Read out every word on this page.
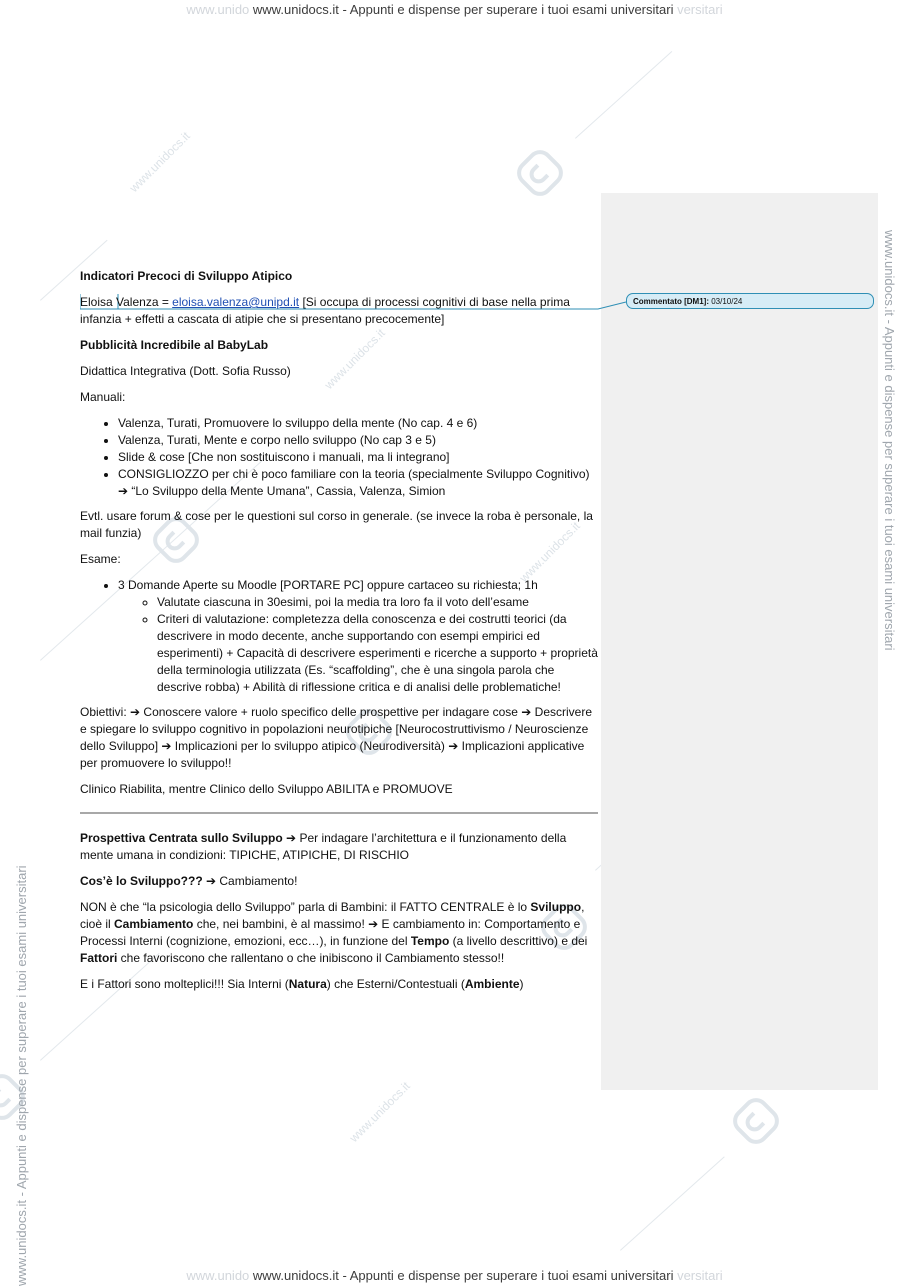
www.unidocs.it
www.unidocs.it
www.unidocs.it
www.unidocs.it
www.unido www.unidocs.it - Appunti e dispense per superare i tuoi esami universitari versitari
www.unido www.unidocs.it - Appunti e dispense per superare i tuoi esami universitari versitari
www.unidocs.it - Appunti e dispense per superare i tuoi esami universitari
www.unidocs.it - Appunti e dispense per superare i tuoi esami universitari
Commentato [DM1]: 03/10/24

Indicatori Precoci di Sviluppo Atipico

Eloisa Valenza = eloisa.valenza@unipd.it [Si occupa di processi cognitivi di base nella prima infanzia + effetti a cascata di atipie che si presentano precocemente]

Pubblicità Incredibile al BabyLab

Didattica Integrativa (Dott. Sofia Russo)

Manuali:

• Valenza, Turati, Promuovere lo sviluppo della mente (No cap. 4 e 6)
• Valenza, Turati, Mente e corpo nello sviluppo (No cap 3 e 5)
• Slide & cose [Che non sostituiscono i manuali, ma li integrano]
• CONSIGLIOZZO per chi è poco familiare con la teoria (specialmente Sviluppo Cognitivo) ➔ “Lo Sviluppo della Mente Umana”, Cassia, Valenza, Simion

Evtl. usare forum & cose per le questioni sul corso in generale. (se invece la roba è personale, la mail funzia)

Esame:

• 3 Domande Aperte su Moodle [PORTARE PC] oppure cartaceo su richiesta; 1h
◦ Valutate ciascuna in 30esimi, poi la media tra loro fa il voto dell’esame
◦ Criteri di valutazione: completezza della conoscenza e dei costrutti teorici (da descrivere in modo decente, anche supportando con esempi empirici ed esperimenti) + Capacità di descrivere esperimenti e ricerche a supporto + proprietà della terminologia utilizzata (Es. “scaffolding”, che è una singola parola che descrive robba) + Abilità di riflessione critica e di analisi delle problematiche!

Obiettivi: ➔ Conoscere valore + ruolo specifico delle prospettive per indagare cose ➔ Descrivere e spiegare lo sviluppo cognitivo in popolazioni neurotipiche [Neurocostruttivismo / Neuroscienze dello Sviluppo] ➔ Implicazioni per lo sviluppo atipico (Neurodiversità) ➔ Implicazioni applicative per promuovere lo sviluppo!!

Clinico Riabilita, mentre Clinico dello Sviluppo ABILITA e PROMUOVE

Prospettiva Centrata sullo Sviluppo ➔ Per indagare l’architettura e il funzionamento della mente umana in condizioni: TIPICHE, ATIPICHE, DI RISCHIO

Cos’è lo Sviluppo??? ➔ Cambiamento!

NON è che “la psicologia dello Sviluppo” parla di Bambini: il FATTO CENTRALE è lo Sviluppo, cioè il Cambiamento che, nei bambini, è al massimo! ➔ E cambiamento in: Comportamento e Processi Interni (cognizione, emozioni, ecc…), in funzione del Tempo (a livello descrittivo) e dei Fattori che favoriscono che rallentano o che inibiscono il Cambiamento stesso!!

E i Fattori sono molteplici!!! Sia Interni (Natura) che Esterni/Contestuali (Ambiente)
